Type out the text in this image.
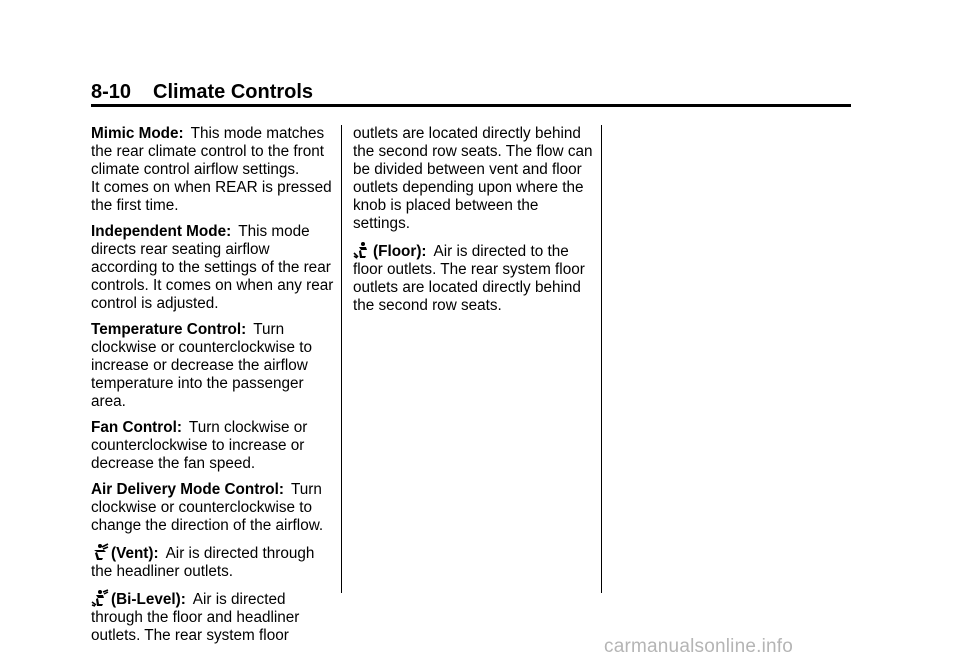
8-10 Climate Controls

Mimic Mode: This mode matches the rear climate control to the front climate control airflow settings.
It comes on when REAR is pressed the first time.

Independent Mode: This mode directs rear seating airflow according to the settings of the rear controls. It comes on when any rear control is adjusted.

Temperature Control: Turn clockwise or counterclockwise to increase or decrease the airflow temperature into the passenger area.

Fan Control: Turn clockwise or counterclockwise to increase or decrease the fan speed.

Air Delivery Mode Control: Turn clockwise or counterclockwise to change the direction of the airflow.

(Vent): Air is directed through the headliner outlets.

(Bi-Level): Air is directed through the floor and headliner outlets. The rear system floor

outlets are located directly behind the second row seats. The flow can be divided between vent and floor outlets depending upon where the knob is placed between the settings.

(Floor): Air is directed to the floor outlets. The rear system floor outlets are located directly behind the second row seats.

carmanualsonline.info
